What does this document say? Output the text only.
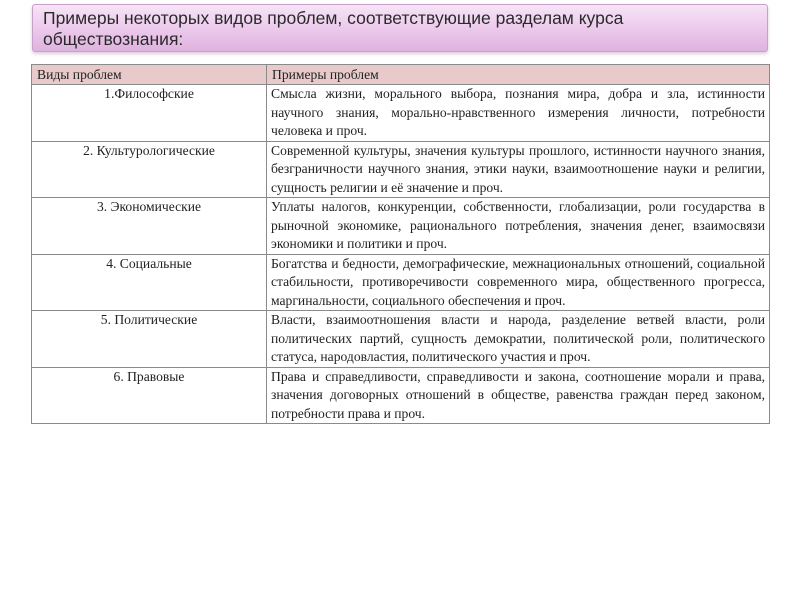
Примеры некоторых видов проблем, соответствующие разделам курса обществознания:
Виды проблем	Примеры проблем
1.Философские	Смысла жизни, морального выбора, познания мира, добра и зла, истинности научного знания, морально-нравственного измерения личности, потребности человека и проч.
2. Культурологические	Современной культуры, значения культуры прошлого, истинности научного знания, безграничности научного знания, этики науки, взаимоотношение науки и религии, сущность религии и её значение и проч.
3. Экономические	Уплаты налогов, конкуренции, собственности, глобализации, роли государства в рыночной экономике, рационального потребления, значения денег, взаимосвязи экономики и политики и проч.
4. Социальные	Богатства и бедности, демографические, межнациональных отношений, социальной стабильности, противоречивости современного мира, общественного прогресса, маргинальности, социального обеспечения и проч.
5. Политические	Власти, взаимоотношения власти и народа, разделение ветвей власти, роли политических партий, сущность демократии, политической роли, политического статуса, народовластия, политического участия и проч.
6. Правовые	Права и справедливости, справедливости и закона, соотношение морали и права, значения договорных отношений в обществе, равенства граждан перед законом, потребности права и проч.
